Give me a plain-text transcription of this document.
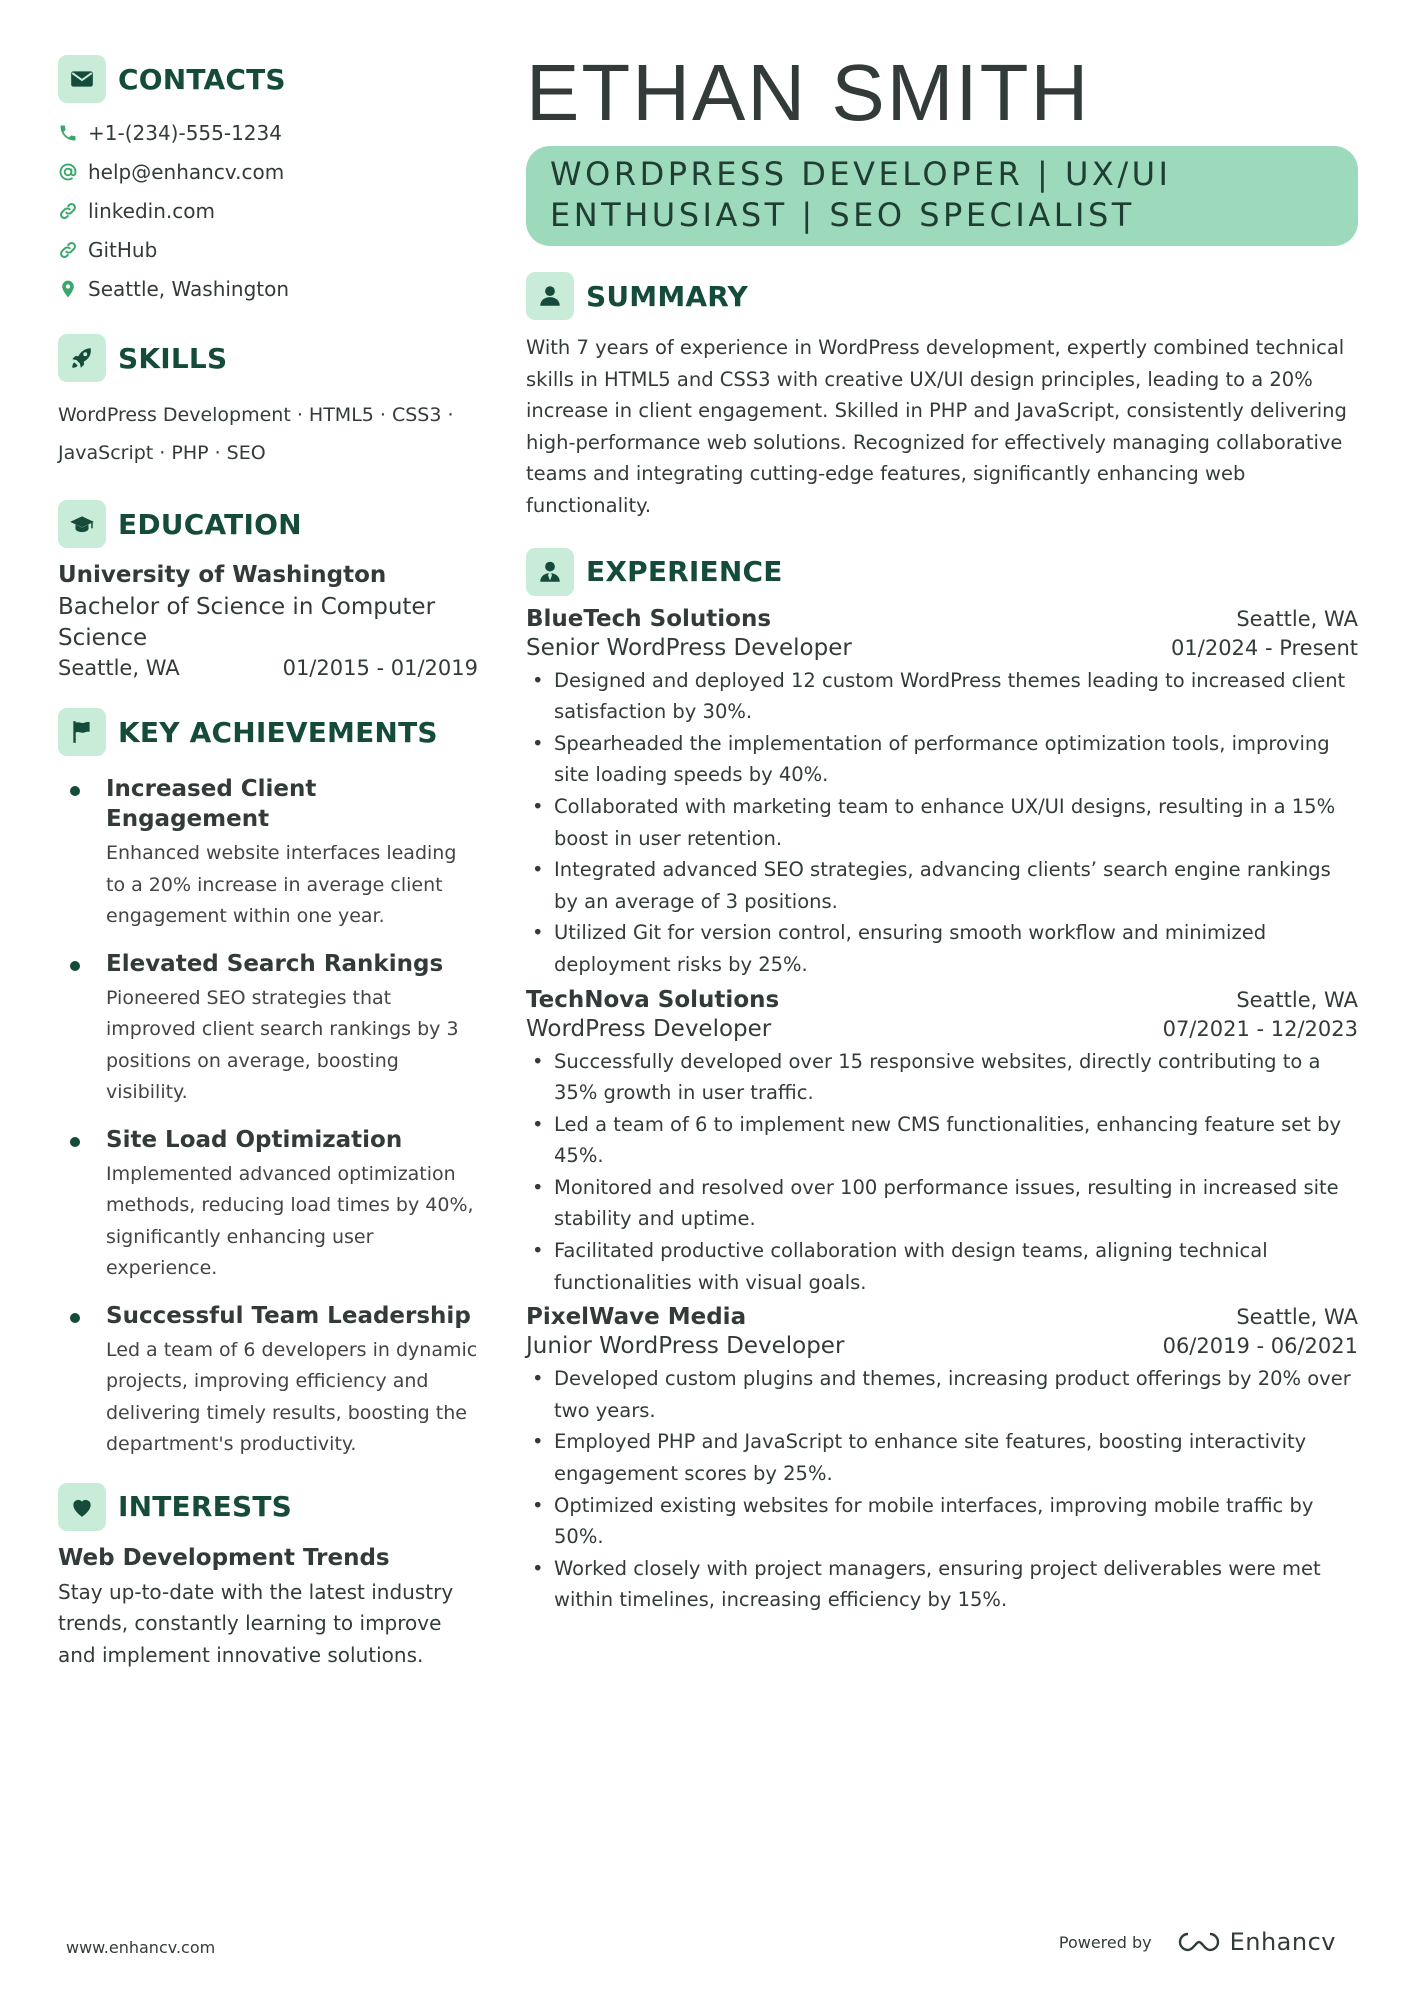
CONTACTS
+1-(234)-555-1234
help@enhancv.com
linkedin.com
GitHub
Seattle, Washington
SKILLS
WordPress Development · HTML5 · CSS3 ·
JavaScript · PHP · SEO
EDUCATION
University of Washington
Bachelor of Science in Computer Science
Seattle, WA	01/2015 - 01/2019
KEY ACHIEVEMENTS
Increased Client Engagement
Enhanced website interfaces leading to a 20% increase in average client engagement within one year.
Elevated Search Rankings
Pioneered SEO strategies that improved client search rankings by 3 positions on average, boosting visibility.
Site Load Optimization
Implemented advanced optimization methods, reducing load times by 40%, significantly enhancing user experience.
Successful Team Leadership
Led a team of 6 developers in dynamic projects, improving efficiency and delivering timely results, boosting the department's productivity.
INTERESTS
Web Development Trends
Stay up-to-date with the latest industry trends, constantly learning to improve and implement innovative solutions.
ETHAN SMITH
WORDPRESS DEVELOPER | UX/UI
ENTHUSIAST | SEO SPECIALIST
SUMMARY
With 7 years of experience in WordPress development, expertly combined technical skills in HTML5 and CSS3 with creative UX/UI design principles, leading to a 20% increase in client engagement. Skilled in PHP and JavaScript, consistently delivering high-performance web solutions. Recognized for effectively managing collaborative teams and integrating cutting-edge features, significantly enhancing web functionality.
EXPERIENCE
BlueTech Solutions	Seattle, WA
Senior WordPress Developer	01/2024 - Present
• Designed and deployed 12 custom WordPress themes leading to increased client satisfaction by 30%.
• Spearheaded the implementation of performance optimization tools, improving site loading speeds by 40%.
• Collaborated with marketing team to enhance UX/UI designs, resulting in a 15% boost in user retention.
• Integrated advanced SEO strategies, advancing clients’ search engine rankings by an average of 3 positions.
• Utilized Git for version control, ensuring smooth workflow and minimized deployment risks by 25%.
TechNova Solutions	Seattle, WA
WordPress Developer	07/2021 - 12/2023
• Successfully developed over 15 responsive websites, directly contributing to a 35% growth in user traffic.
• Led a team of 6 to implement new CMS functionalities, enhancing feature set by 45%.
• Monitored and resolved over 100 performance issues, resulting in increased site stability and uptime.
• Facilitated productive collaboration with design teams, aligning technical functionalities with visual goals.
PixelWave Media	Seattle, WA
Junior WordPress Developer	06/2019 - 06/2021
• Developed custom plugins and themes, increasing product offerings by 20% over two years.
• Employed PHP and JavaScript to enhance site features, boosting interactivity engagement scores by 25%.
• Optimized existing websites for mobile interfaces, improving mobile traffic by 50%.
• Worked closely with project managers, ensuring project deliverables were met within timelines, increasing efficiency by 15%.
www.enhancv.com	Powered by	Enhancv
